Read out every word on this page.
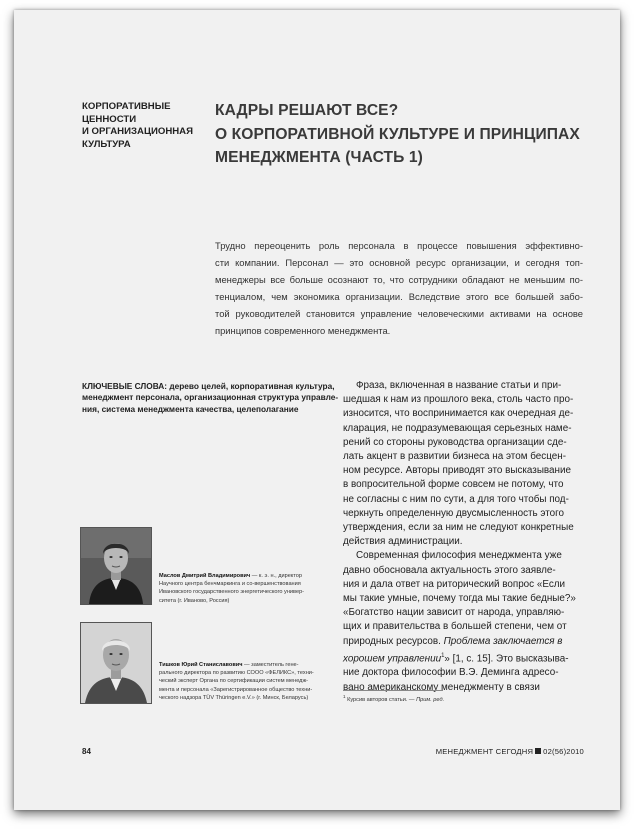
КОРПОРАТИВНЫЕ
ЦЕННОСТИ
И ОРГАНИЗАЦИОННАЯ
КУЛЬТУРА
КАДРЫ РЕШАЮТ ВСЕ?
О КОРПОРАТИВНОЙ КУЛЬТУРЕ И ПРИНЦИПАХ
МЕНЕДЖМЕНТА (ЧАСТЬ 1)
Трудно переоценить роль персонала в процессе повышения эффективно-
сти компании. Персонал — это основной ресурс организации, и сегодня топ-
менеджеры все больше осознают то, что сотрудники обладают не меньшим по-
тенциалом, чем экономика организации. Вследствие этого все большей забо-
той руководителей становится управление человеческими активами на основе
принципов современного менеджмента.
КЛЮЧЕВЫЕ СЛОВА: дерево целей, корпоративная культура,
менеджмент персонала, организационная структура управле-
ния, система менеджмента качества, целеполагание
Фраза, включенная в название статьи и при-
шедшая к нам из прошлого века, столь часто про-
износится, что воспринимается как очередная де-
кларация, не подразумевающая серьезных наме-
рений со стороны руководства организации сде-
лать акцент в развитии бизнеса на этом бесцен-
ном ресурсе. Авторы приводят это высказывание
в вопросительной форме совсем не потому, что
не согласны с ним по сути, а для того чтобы под-
черкнуть определенную двусмысленность этого
утверждения, если за ним не следуют конкретные
действия администрации.
Современная философия менеджмента уже
давно обосновала актуальность этого заявле-
ния и дала ответ на риторический вопрос «Если
мы такие умные, почему тогда мы такие бедные?»
«Богатство нации зависит от народа, управляю-
щих и правительства в большей степени, чем от
природных ресурсов. Проблема заключается в
хорошем управлении$^1$» [1, с. 15]. Это высказыва-
ние доктора философии В.Э. Деминга адресо-
вано американскому менеджменту в связи
Маслов Дмитрий Владимирович — к. э. н., директор
Научного центра бенчмаркинга и со-вершенствования
Ивановского государственного энергетического универ-
ситета (г. Иваново, Россия)
Тишков Юрий Станиславович — заместитель гене-
рального директора по развитию СООО «ФЕЛИКС», техни-
ческий эксперт Органа по сертификации систем менедж-
мента и персонала «Зарегистрированное общество техни-
ческого надзора TÜV Thüringen e.V.» (г. Минск, Беларусь)	$^1$ Курсив авторов статьи. — Прим. ред.
84	МЕНЕДЖМЕНТ СЕГОДНЯ 02(56)2010
